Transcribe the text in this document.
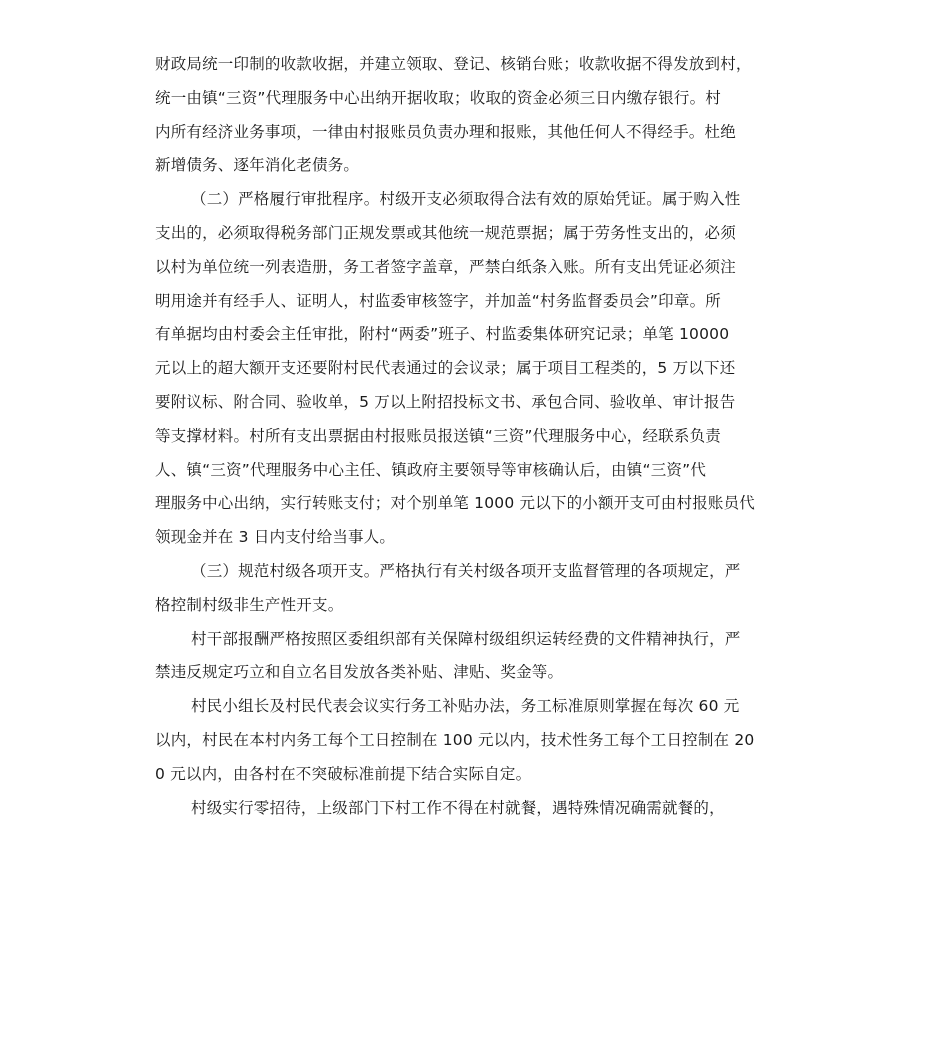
财政局统一印制的收款收据，并建立领取、登记、核销台账；收款收据不得发放到村，
统一由镇“三资”代理服务中心出纳开据收取；收取的资金必须三日内缴存银行。村
内所有经济业务事项，一律由村报账员负责办理和报账，其他任何人不得经手。杜绝
新增债务、逐年消化老债务。
（二）严格履行审批程序。村级开支必须取得合法有效的原始凭证。属于购入性
支出的，必须取得税务部门正规发票或其他统一规范票据；属于劳务性支出的，必须
以村为单位统一列表造册，务工者签字盖章，严禁白纸条入账。所有支出凭证必须注
明用途并有经手人、证明人，村监委审核签字，并加盖“村务监督委员会”印章。所
有单据均由村委会主任审批，附村“两委”班子、村监委集体研究记录；单笔 10000
元以上的超大额开支还要附村民代表通过的会议录；属于项目工程类的，5 万以下还
要附议标、附合同、验收单，5 万以上附招投标文书、承包合同、验收单、审计报告
等支撑材料。村所有支出票据由村报账员报送镇“三资”代理服务中心，经联系负责
人、镇“三资”代理服务中心主任、镇政府主要领导等审核确认后，由镇“三资”代
理服务中心出纳，实行转账支付；对个别单笔 1000 元以下的小额开支可由村报账员代
领现金并在 3 日内支付给当事人。
（三）规范村级各项开支。严格执行有关村级各项开支监督管理的各项规定，严
格控制村级非生产性开支。
村干部报酬严格按照区委组织部有关保障村级组织运转经费的文件精神执行，严
禁违反规定巧立和自立名目发放各类补贴、津贴、奖金等。
村民小组长及村民代表会议实行务工补贴办法，务工标准原则掌握在每次 60 元
以内，村民在本村内务工每个工日控制在 100 元以内，技术性务工每个工日控制在 20
0 元以内，由各村在不突破标准前提下结合实际自定。
村级实行零招待，上级部门下村工作不得在村就餐，遇特殊情况确需就餐的，
